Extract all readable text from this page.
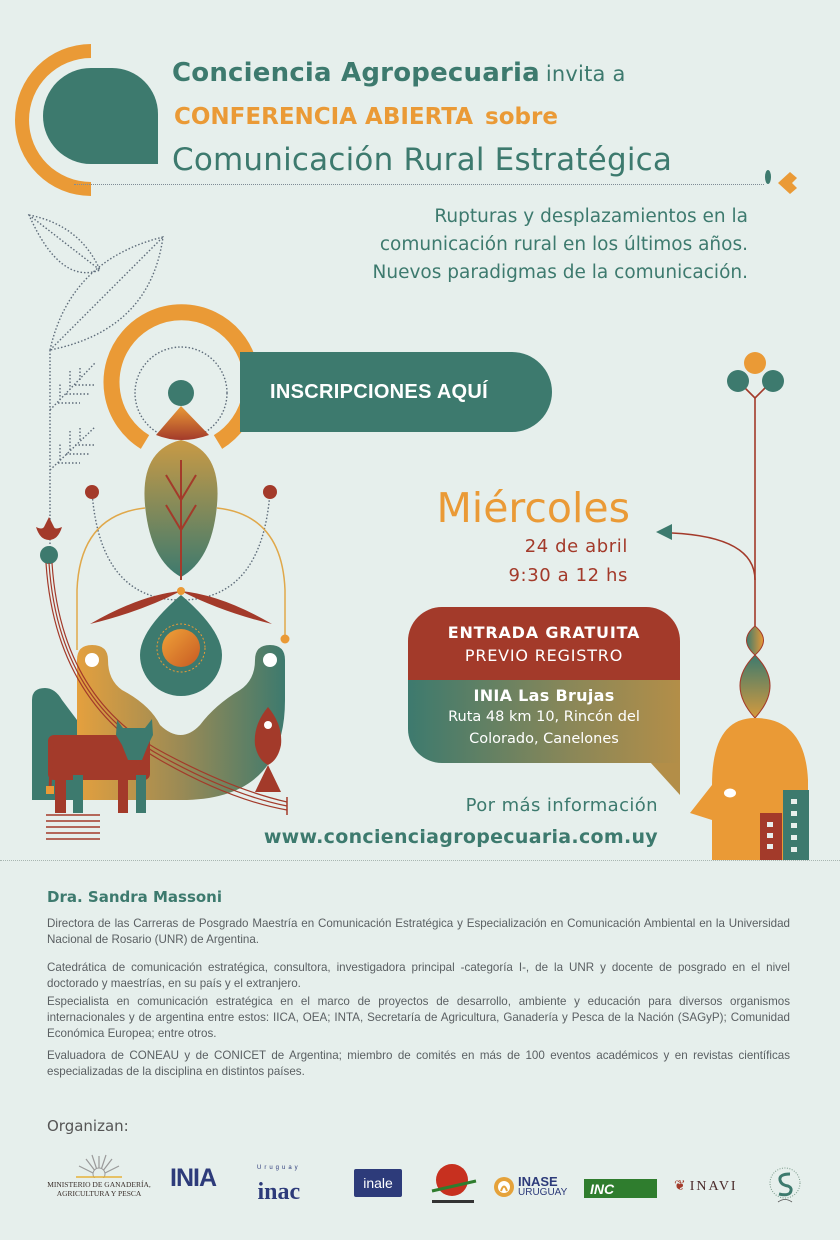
Conciencia Agropecuaria invita a
CONFERENCIA ABIERTA sobre
Comunicación Rural Estratégica
Rupturas y desplazamientos en la
comunicación rural en los últimos años.
Nuevos paradigmas de la comunicación.
INSCRIPCIONES AQUÍ
Miércoles
24 de abril
9:30 a 12 hs
ENTRADA GRATUITA
PREVIO REGISTRO
INIA Las Brujas
Ruta 48 km 10, Rincón del
Colorado, Canelones
Por más información
www.concienciagropecuaria.com.uy
Dra. Sandra Massoni
Directora de las Carreras de Posgrado Maestría en Comunicación Estratégica y Especialización en Comunicación Ambiental en la Universidad Nacional de Rosario (UNR) de Argentina.
Catedrática de comunicación estratégica, consultora, investigadora principal -categoría I-, de la UNR y docente de posgrado en el nivel doctorado y maestrías, en su país y el extranjero.
Especialista en comunicación estratégica en el marco de proyectos de desarrollo, ambiente y educación para diversos organismos internacionales y de argentina entre estos: IICA, OEA; INTA, Secretaría de Agricultura, Ganadería y Pesca de la Nación (SAGyP); Comunidad Económica Europea; entre otros.
Evaluadora de CONEAU y de CONICET de Argentina; miembro de comités en más de 100 eventos académicos y en revistas científicas especializadas de la disciplina en distintos países.
Organizan:
MINISTERIO DE GANADERÍA,
AGRICULTURA Y PESCA
INIA	Uruguay
inac	inale	INASE
URUGUAY INC	❦ INAVI
